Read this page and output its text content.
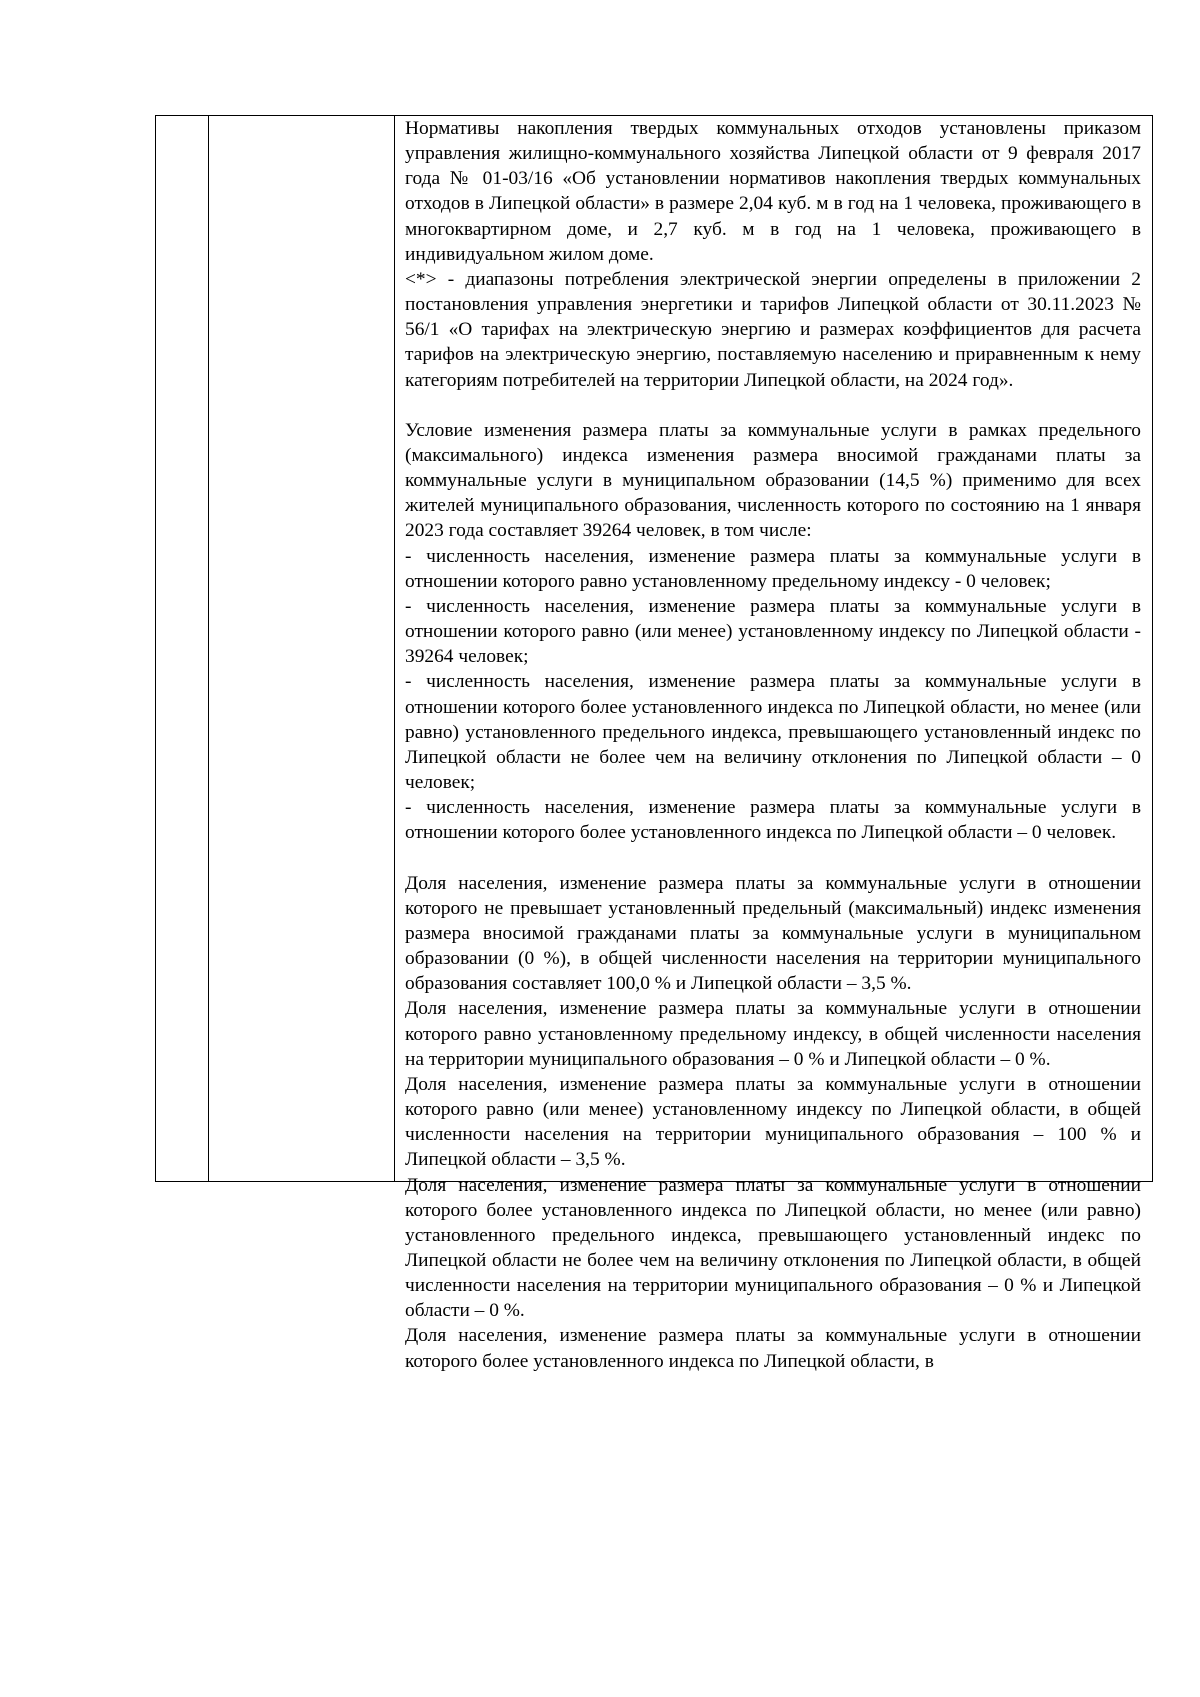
Нормативы накопления твердых коммунальных отходов установлены приказом управления жилищно-коммунального хозяйства Липецкой области от 9 февраля 2017 года № 01-03/16 «Об установлении нормативов накопления твердых коммунальных отходов в Липецкой области» в размере 2,04 куб. м в год на 1 человека, проживающего в многоквартирном доме, и 2,7 куб. м в год на 1 человека, проживающего в индивидуальном жилом доме.

<*> - диапазоны потребления электрической энергии определены в приложении 2 постановления управления энергетики и тарифов Липецкой области от 30.11.2023 № 56/1 «О тарифах на электрическую энергию и размерах коэффициентов для расчета тарифов на электрическую энергию, поставляемую населению и приравненным к нему категориям потребителей на территории Липецкой области, на 2024 год».

Условие изменения размера платы за коммунальные услуги в рамках предельного (максимального) индекса изменения размера вносимой гражданами платы за коммунальные услуги в муниципальном образовании (14,5 %) применимо для всех жителей муниципального образования, численность которого по состоянию на 1 января 2023 года составляет 39264 человек, в том числе:

- численность населения, изменение размера платы за коммунальные услуги в отношении которого равно установленному предельному индексу - 0 человек;

- численность населения, изменение размера платы за коммунальные услуги в отношении которого равно (или менее) установленному индексу по Липецкой области - 39264 человек;

- численность населения, изменение размера платы за коммунальные услуги в отношении которого более установленного индекса по Липецкой области, но менее (или равно) установленного предельного индекса, превышающего установленный индекс по Липецкой области не более чем на величину отклонения по Липецкой области – 0 человек;

- численность населения, изменение размера платы за коммунальные услуги в отношении которого более установленного индекса по Липецкой области – 0 человек.

Доля населения, изменение размера платы за коммунальные услуги в отношении которого не превышает установленный предельный (максимальный) индекс изменения размера вносимой гражданами платы за коммунальные услуги в муниципальном образовании (0 %), в общей численности населения на территории муниципального образования составляет 100,0 % и Липецкой области – 3,5 %.

Доля населения, изменение размера платы за коммунальные услуги в отношении которого равно установленному предельному индексу, в общей численности населения на территории муниципального образования – 0 % и Липецкой области – 0 %.

Доля населения, изменение размера платы за коммунальные услуги в отношении которого равно (или менее) установленному индексу по Липецкой области, в общей численности населения на территории муниципального образования – 100 % и Липецкой области – 3,5 %.

Доля населения, изменение размера платы за коммунальные услуги в отношении которого более установленного индекса по Липецкой области, но менее (или равно) установленного предельного индекса, превышающего установленный индекс по Липецкой области не более чем на величину отклонения по Липецкой области, в общей численности населения на территории муниципального образования – 0 % и Липецкой области – 0 %.

Доля населения, изменение размера платы за коммунальные услуги в отношении которого более установленного индекса по Липецкой области, в
